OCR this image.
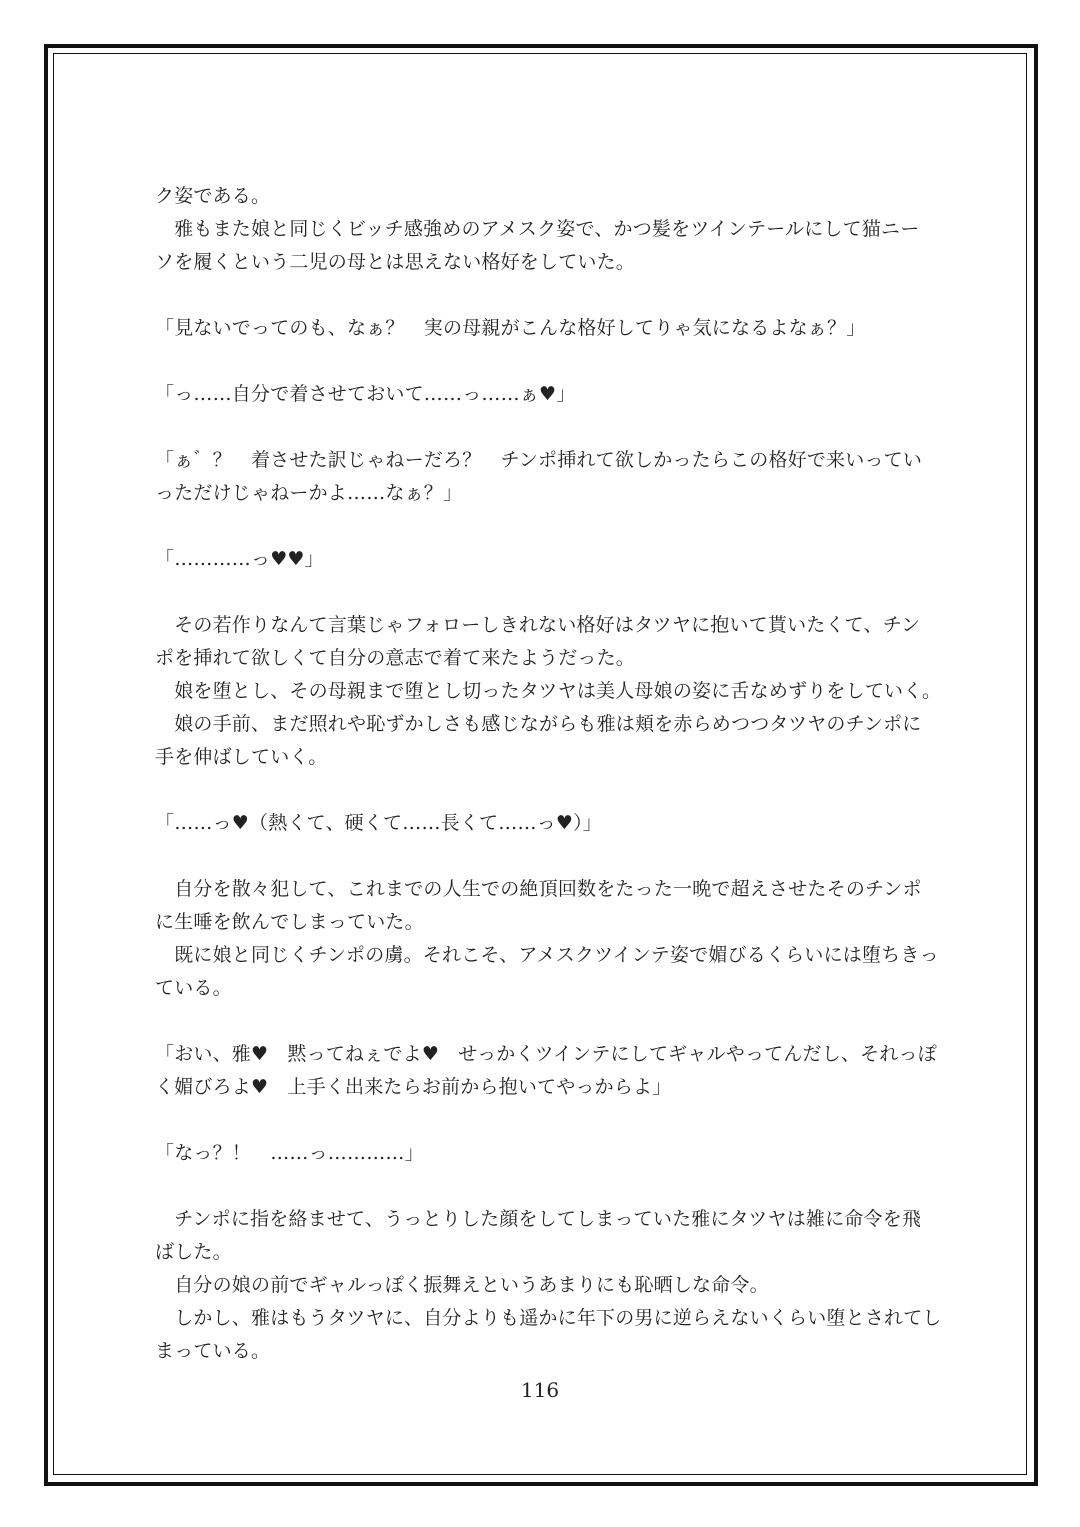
ク姿である。
　雅もまた娘と同じくビッチ感強めのアメスク姿で、かつ髪をツインテールにして猫ニー
ソを履くという二児の母とは思えない格好をしていた。
「見ないでってのも、なぁ？　実の母親がこんな格好してりゃ気になるよなぁ？」
「っ……自分で着させておいて……っ……ぁ♥」
「ぁ゛？　着させた訳じゃねーだろ？　チンポ挿れて欲しかったらこの格好で来いってい
っただけじゃねーかよ……なぁ？」
「…………っ♥♥」
　その若作りなんて言葉じゃフォローしきれない格好はタツヤに抱いて貰いたくて、チン
ポを挿れて欲しくて自分の意志で着て来たようだった。
　娘を堕とし、その母親まで堕とし切ったタツヤは美人母娘の姿に舌なめずりをしていく。
　娘の手前、まだ照れや恥ずかしさも感じながらも雅は頬を赤らめつつタツヤのチンポに
手を伸ばしていく。
「……っ♥（熱くて、硬くて……長くて……っ♥）」
　自分を散々犯して、これまでの人生での絶頂回数をたった一晩で超えさせたそのチンポ
に生唾を飲んでしまっていた。
　既に娘と同じくチンポの虜。それこそ、アメスクツインテ姿で媚びるくらいには堕ちきっ
ている。
「おい、雅♥　黙ってねぇでよ♥　せっかくツインテにしてギャルやってんだし、それっぽ
く媚びろよ♥　上手く出来たらお前から抱いてやっからよ」
「なっ？！　……っ…………」
　チンポに指を絡ませて、うっとりした顔をしてしまっていた雅にタツヤは雑に命令を飛
ばした。
　自分の娘の前でギャルっぽく振舞えというあまりにも恥晒しな命令。
　しかし、雅はもうタツヤに、自分よりも遥かに年下の男に逆らえないくらい堕とされてし
まっている。
116
